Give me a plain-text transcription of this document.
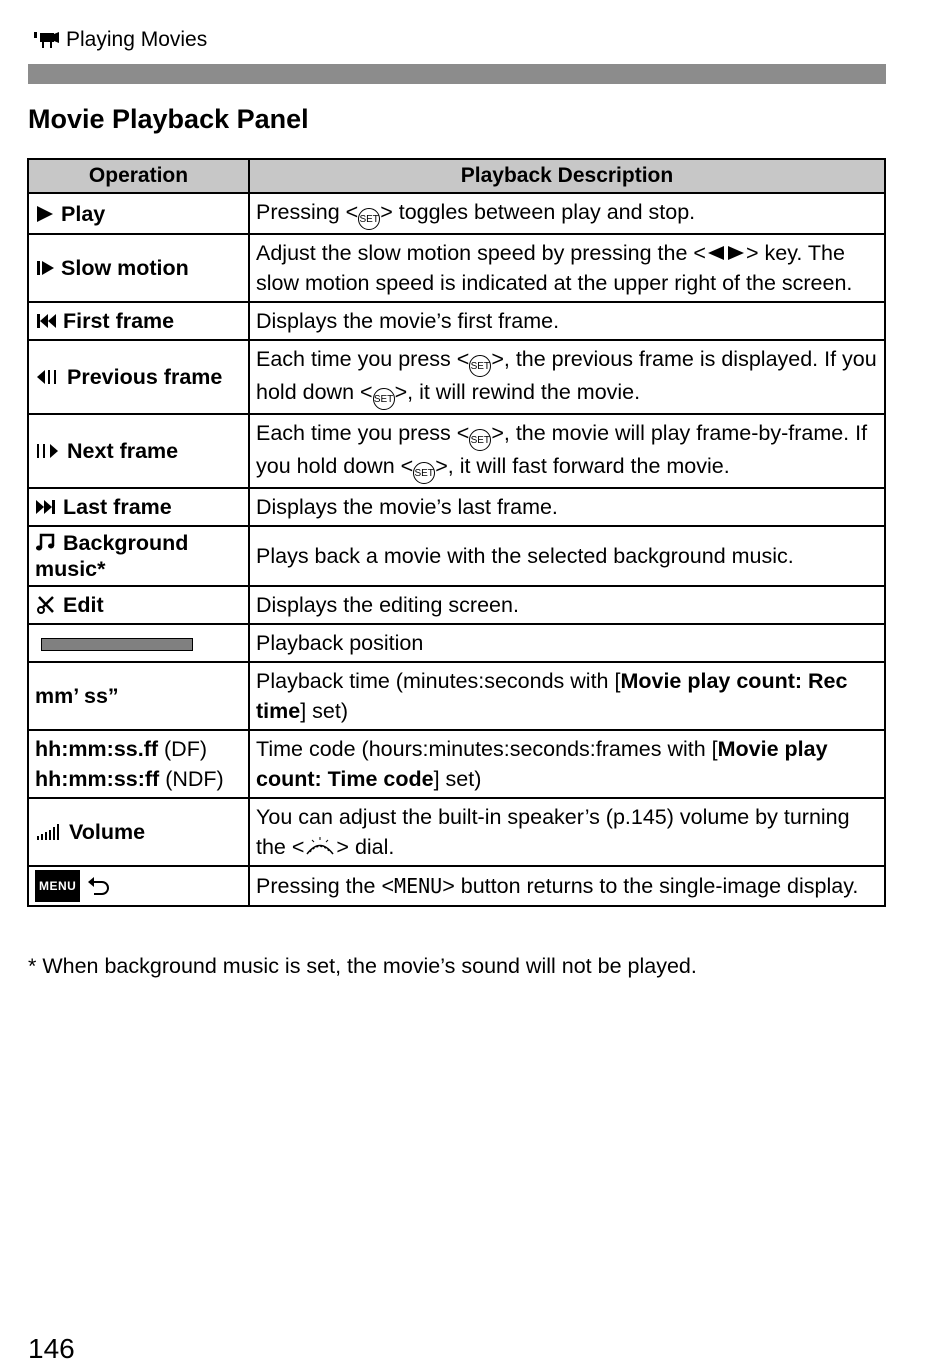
Playing Movies
Movie Playback Panel
Operation	Playback Description
Play	Pressing <SET> toggles between play and stop.
Slow motion	Adjust the slow motion speed by pressing the < > key. The slow motion speed is indicated at the upper right of the screen.
First frame	Displays the movie’s first frame.
Previous frame	Each time you press <SET>, the previous frame is displayed. If you hold down <SET>, it will rewind the movie.
Next frame	Each time you press <SET>, the movie will play frame-by-frame. If you hold down <SET>, it will fast forward the movie.
Last frame	Displays the movie’s last frame.
Background music*	Plays back a movie with the selected background music.
Edit	Displays the editing screen.
	Playback position
mm’ ss”	Playback time (minutes:seconds with [Movie play count: Rec time] set)
hh:mm:ss.ff (DF)
hh:mm:ss:ff (NDF)	Time code (hours:minutes:seconds:frames with [Movie play count: Time code] set)
Volume	You can adjust the built-in speaker’s (p.145) volume by turning the < > dial.
MENU	Pressing the <MENU> button returns to the single-image display.
* When background music is set, the movie’s sound will not be played.
146
